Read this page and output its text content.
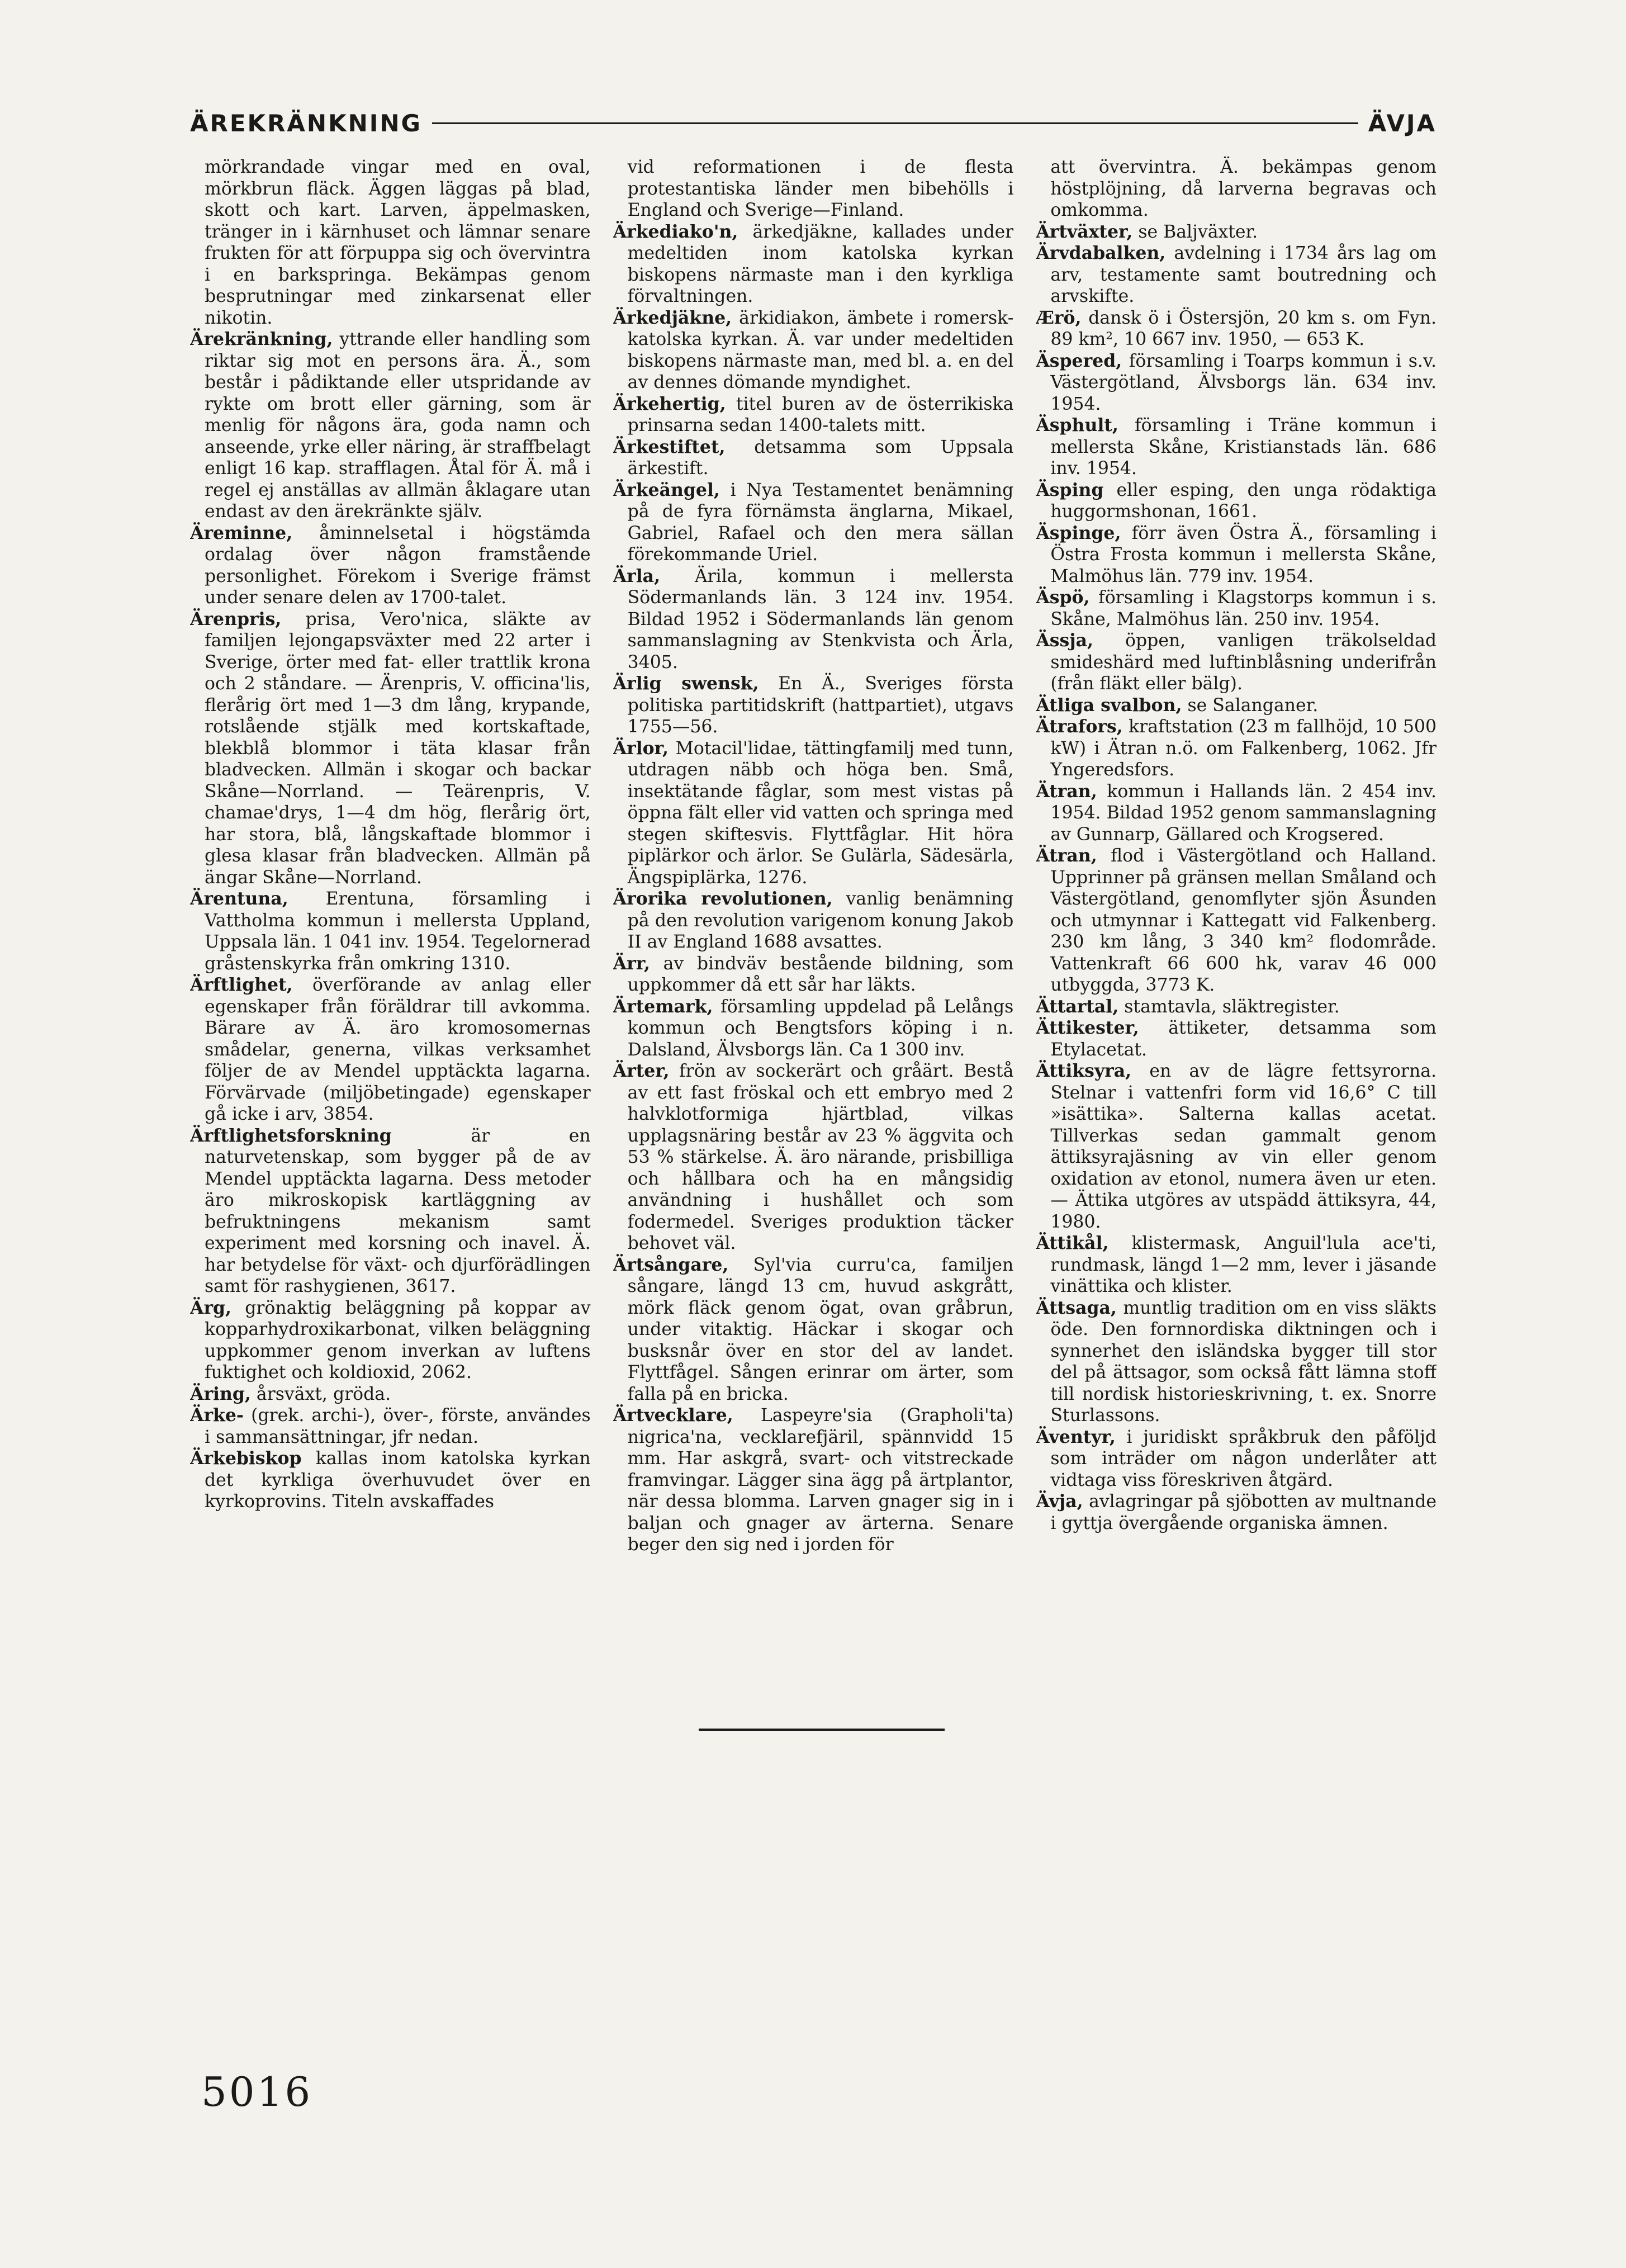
ÄREKRÄNKNING	ÄVJA

mörkrandade vingar med en oval, mörkbrun fläck. Äggen läggas på blad, skott och kart. Larven, äppelmasken, tränger in i kärnhuset och lämnar senare frukten för att förpuppa sig och övervintra i en barkspringa. Bekämpas genom besprutningar med zinkarsenat eller nikotin.

Ärekränkning, yttrande eller handling som riktar sig mot en persons ära. Ä., som består i pådiktande eller utspridande av rykte om brott eller gärning, som är menlig för någons ära, goda namn och anseende, yrke eller näring, är straffbelagt enligt 16 kap. strafflagen. Åtal för Ä. må i regel ej anställas av allmän åklagare utan endast av den ärekränkte själv.

Äreminne, åminnelsetal i högstämda ordalag över någon framstående personlighet. Förekom i Sverige främst under senare delen av 1700-talet.

Ärenpris, prisa, Vero'nica, släkte av familjen lejongapsväxter med 22 arter i Sverige, örter med fat- eller trattlik krona och 2 ståndare. — Ärenpris, V. officina'lis, flerårig ört med 1—3 dm lång, krypande, rotslående stjälk med kortskaftade, blekblå blommor i täta klasar från bladvecken. Allmän i skogar och backar Skåne—Norrland. — Teärenpris, V. chamae'drys, 1—4 dm hög, flerårig ört, har stora, blå, långskaftade blommor i glesa klasar från bladvecken. Allmän på ängar Skåne—Norrland.

Ärentuna, Erentuna, församling i Vattholma kommun i mellersta Uppland, Uppsala län. 1 041 inv. 1954. Tegelornerad gråstenskyrka från omkring 1310.

Ärftlighet, överförande av anlag eller egenskaper från föräldrar till avkomma. Bärare av Ä. äro kromosomernas smådelar, generna, vilkas verksamhet följer de av Mendel upptäckta lagarna. Förvärvade (miljöbetingade) egenskaper gå icke i arv, 3854.

Ärftlighetsforskning	är en naturvetenskap, som bygger på de av Mendel upptäckta lagarna. Dess metoder äro mikroskopisk kartläggning av befruktningens mekanism samt experiment med korsning och inavel. Ä. har betydelse för växt- och djurförädlingen samt för rashygienen, 3617.

Ärg, grönaktig beläggning på koppar av kopparhydroxikarbonat, vilken beläggning uppkommer genom inverkan av luftens fuktighet och koldioxid, 2062.

Äring, årsväxt, gröda.

Ärke- (grek. archi-), över-, förste, användes i sammansättningar, jfr nedan.

Ärkebiskop kallas inom katolska kyrkan det kyrkliga överhuvudet över en kyrkoprovins. Titeln avskaffades

vid reformationen i de flesta protestantiska länder men bibehölls i England och Sverige—Finland.

Ärkediako'n, ärkedjäkne, kallades under medeltiden inom katolska kyrkan biskopens närmaste man i den kyrkliga förvaltningen.

Ärkedjäkne, ärkidiakon, ämbete i romersk-katolska kyrkan. Ä. var under medeltiden biskopens närmaste man, med bl. a. en del av dennes dömande myndighet.

Ärkehertig, titel buren av de österrikiska prinsarna sedan 1400-talets mitt.

Ärkestiftet, detsamma som Uppsala ärkestift.

Ärkeängel, i Nya Testamentet benämning på de fyra förnämsta änglarna, Mikael, Gabriel, Rafael och den mera sällan förekommande Uriel.

Ärla, Ärila, kommun i mellersta Södermanlands län. 3 124 inv. 1954. Bildad 1952 i Södermanlands län genom sammanslagning av Stenkvista och Ärla, 3405.

Ärlig swensk, En Ä., Sveriges första politiska partitidskrift (hattpartiet), utgavs 1755—56.

Ärlor, Motacil'lidae, tättingfamilj med tunn, utdragen näbb och höga ben. Små, insektätande fåglar, som mest vistas på öppna fält eller vid vatten och springa med stegen skiftesvis. Flyttfåglar. Hit höra piplärkor och ärlor. Se Gulärla, Sädesärla, Ängspiplärka, 1276.

Ärorika revolutionen, vanlig benämning på den revolution varigenom konung Jakob II av England 1688 avsattes.

Ärr, av bindväv bestående bildning, som uppkommer då ett sår har läkts.

Ärtemark, församling uppdelad på Lelångs kommun och Bengtsfors köping i n. Dalsland, Älvsborgs län. Ca 1 300 inv.

Ärter, frön av sockerärt och gråärt. Bestå av ett fast fröskal och ett embryo med 2 halvklotformiga hjärtblad, vilkas upplagsnäring består av 23 % äggvita och 53 % stärkelse. Ä. äro närande, prisbilliga och hållbara och ha en mångsidig användning i hushållet och som fodermedel. Sveriges produktion täcker behovet väl.

Ärtsångare, Syl'via curru'ca, familjen sångare, längd 13 cm, huvud askgrått, mörk fläck genom ögat, ovan gråbrun, under vitaktig. Häckar i skogar och busksnår över en stor del av landet. Flyttfågel. Sången erinrar om ärter, som falla på en bricka.

Ärtvecklare, Laspeyre'sia (Grapholi'ta) nigrica'na, vecklarefjäril, spännvidd 15 mm. Har askgrå, svart- och vitstreckade framvingar. Lägger sina ägg på ärtplantor, när dessa blomma. Larven gnager sig in i baljan och gnager av ärterna. Senare beger den sig ned i jorden för

att övervintra. Ä. bekämpas genom höstplöjning, då larverna begravas och omkomma.

Ärtväxter, se Baljväxter.

Ärvdabalken, avdelning i 1734 års lag om arv, testamente samt boutredning och arvskifte.

Ærö, dansk ö i Östersjön, 20 km s. om Fyn. 89 km², 10 667 inv. 1950, — 653 K.

Äspered, församling i Toarps kommun i s.v. Västergötland, Älvsborgs län. 634 inv. 1954.

Äsphult, församling i Träne kommun i mellersta Skåne, Kristianstads län. 686 inv. 1954.

Äsping eller esping, den unga rödaktiga huggormshonan, 1661.

Äspinge, förr även Östra Ä., församling i Östra Frosta kommun i mellersta Skåne, Malmöhus län. 779 inv. 1954.

Äspö, församling i Klagstorps kommun i s. Skåne, Malmöhus län. 250 inv. 1954.

Ässja, öppen, vanligen träkolseldad smideshärd med luftinblåsning underifrån (från fläkt eller bälg).

Ätliga svalbon, se Salanganer.

Ätrafors, kraftstation (23 m fallhöjd, 10 500 kW) i Ätran n.ö. om Falkenberg, 1062. Jfr Yngeredsfors.

Ätran, kommun i Hallands län. 2 454 inv. 1954. Bildad 1952 genom sammanslagning av Gunnarp, Gällared och Krogsered.

Ätran, flod i Västergötland och Halland. Upprinner på gränsen mellan Småland och Västergötland, genomflyter sjön Åsunden och utmynnar i Kattegatt vid Falkenberg. 230 km lång, 3 340 km² flodområde. Vattenkraft 66 600 hk, varav 46 000 utbyggda, 3773 K.

Ättartal, stamtavla, släktregister.

Ättikester, ättiketer, detsamma som Etylacetat.

Ättiksyra, en av de lägre fettsyrorna. Stelnar i vattenfri form vid 16,6° C till »isättika». Salterna kallas acetat. Tillverkas sedan gammalt genom ättiksyrajäsning av vin eller genom oxidation av etonol, numera även ur eten. — Ättika utgöres av utspädd ättiksyra, 44, 1980.

Ättikål, klistermask, Anguil'lula ace'ti, rundmask, längd 1—2 mm, lever i jäsande vinättika och klister.

Ättsaga, muntlig tradition om en viss släkts öde. Den fornnordiska diktningen och i synnerhet den isländska bygger till stor del på ättsagor, som också fått lämna stoff till nordisk historieskrivning, t. ex. Snorre Sturlassons.

Äventyr, i juridiskt språkbruk den påföljd som inträder om någon underlåter att vidtaga viss föreskriven åtgärd.

Ävja, avlagringar på sjöbotten av multnande i gyttja övergående organiska ämnen.

5016
